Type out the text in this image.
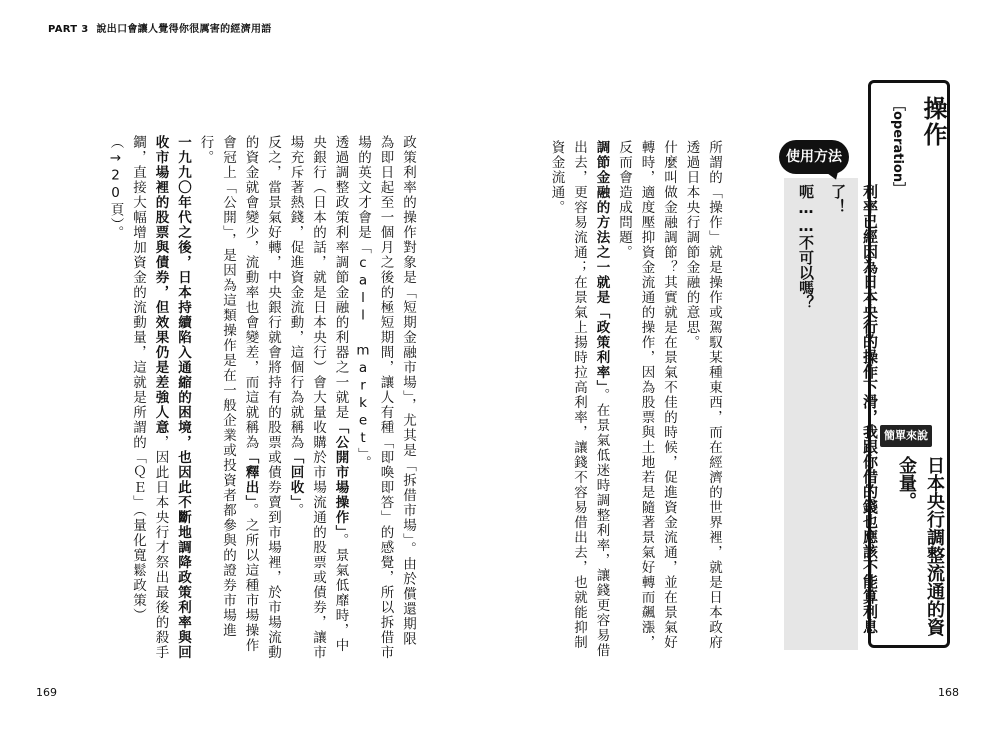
PART 3 說出口會讓人覺得你很厲害的經濟用語
操作
［operation］
簡單來說
日本央行調整流通的資金量。
使用方法

利率已經因為日本央行的操作下滑，我跟你借的錢也應該不能算利息了！

呃……不可以嗎？

所謂的「操作」就是操作或駕馭某種東西，而在經濟的世界裡，就是日本政府透過日本央行調節金融的意思。

什麼叫做金融調節？其實就是在景氣不佳的時候，促進資金流通，並在景氣好轉時，適度壓抑資金流通的操作，因為股票與土地若是隨著景氣好轉而飆漲，反而會造成問題。

調節金融的方法之一就是「政策利率」。在景氣低迷時調整利率，讓錢更容易借出去，更容易流通；在景氣上揚時拉高利率，讓錢不容易借出去，也就能抑制資金流通。

政策利率的操作對象是「短期金融市場」，尤其是「拆借市場」。由於償還期限為即日起至一個月之後的極短期間，讓人有種「即喚即答」的感覺，所以拆借市場的英文才會是「call market」。

透過調整政策利率調節金融的利器之一就是「公開市場操作」。景氣低靡時，中央銀行（日本的話，就是日本央行）會大量收購於市場流通的股票或債券，讓市場充斥著熱錢，促進資金流動，這個行為就稱為「回收」。

反之，當景氣好轉，中央銀行就會將持有的股票或債券賣到市場裡，於市場流動的資金就會變少，流動率也會變差，而這就稱為「釋出」。之所以這種市場操作會冠上「公開」，是因為這類操作是在一般企業或投資者都參與的證券市場進行。

一九九〇年代之後，日本持續陷入通縮的困境，也因此不斷地調降政策利率與回收市場裡的股票與債券，但效果仍是差強人意，因此日本央行才祭出最後的殺手鐧，直接大幅增加資金的流動量，這就是所謂的「ＱＥ」（量化寬鬆政策）（→20頁）。

169	168
